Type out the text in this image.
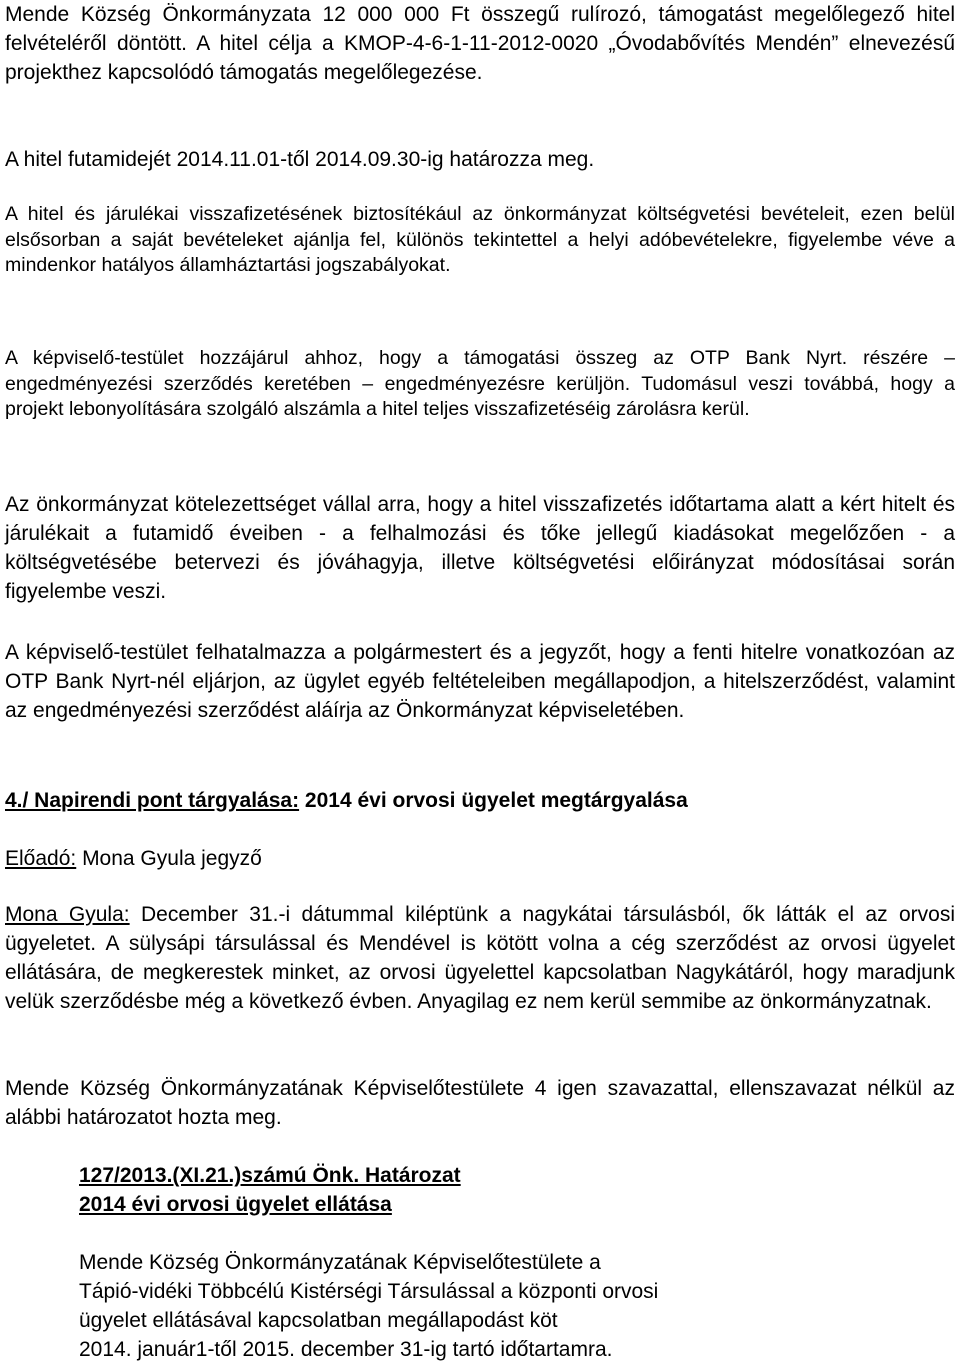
Mende Község Önkormányzata 12 000 000 Ft összegű rulírozó, támogatást megelőlegező hitel felvételéről döntött. A hitel célja a KMOP-4-6-1-11-2012-0020 „Óvodabővítés Mendén” elnevezésű projekthez kapcsolódó támogatás megelőlegezése.

A hitel futamidejét 2014.11.01-től 2014.09.30-ig határozza meg.

A hitel és járulékai visszafizetésének biztosítékául az önkormányzat költségvetési bevételeit, ezen belül elsősorban a saját bevételeket ajánlja fel, különös tekintettel a helyi adóbevételekre, figyelembe véve a mindenkor hatályos államháztartási jogszabályokat.

A képviselő-testület hozzájárul ahhoz, hogy a támogatási összeg az OTP Bank Nyrt. részére – engedményezési szerződés keretében – engedményezésre kerüljön. Tudomásul veszi továbbá, hogy a projekt lebonyolítására szolgáló alszámla a hitel teljes visszafizetéséig zárolásra kerül.

Az önkormányzat kötelezettséget vállal arra, hogy a hitel visszafizetés időtartama alatt a kért hitelt és járulékait a futamidő éveiben - a felhalmozási és tőke jellegű kiadásokat megelőzően - a költségvetésébe betervezi és jóváhagyja, illetve költségvetési előirányzat módosításai során figyelembe veszi.

A képviselő-testület felhatalmazza a polgármestert és a jegyzőt, hogy a fenti hitelre vonatkozóan az OTP Bank Nyrt-nél eljárjon, az ügylet egyéb feltételeiben megállapodjon, a hitelszerződést, valamint az engedményezési szerződést aláírja az Önkormányzat képviseletében.

4./ Napirendi pont tárgyalása: 2014 évi orvosi ügyelet megtárgyalása

Előadó: Mona Gyula jegyző

Mona Gyula: December 31.-i dátummal kiléptünk a nagykátai társulásból, ők látták el az orvosi ügyeletet. A sülysápi társulással és Mendével is kötött volna a cég szerződést az orvosi ügyelet ellátására, de megkerestek minket, az orvosi ügyelettel kapcsolatban Nagykátáról, hogy maradjunk velük szerződésbe még a következő évben. Anyagilag ez nem kerül semmibe az önkormányzatnak.

Mende Község Önkormányzatának Képviselőtestülete 4 igen szavazattal, ellenszavazat nélkül az alábbi határozatot hozta meg.

127/2013.(XI.21.)számú Önk. Határozat
2014 évi orvosi ügyelet ellátása
Mende Község Önkormányzatának Képviselőtestülete a
Tápió-vidéki Többcélú Kistérségi Társulással a központi orvosi
ügyelet ellátásával kapcsolatban megállapodást köt
2014. január1-től 2015. december 31-ig tartó időtartamra.
